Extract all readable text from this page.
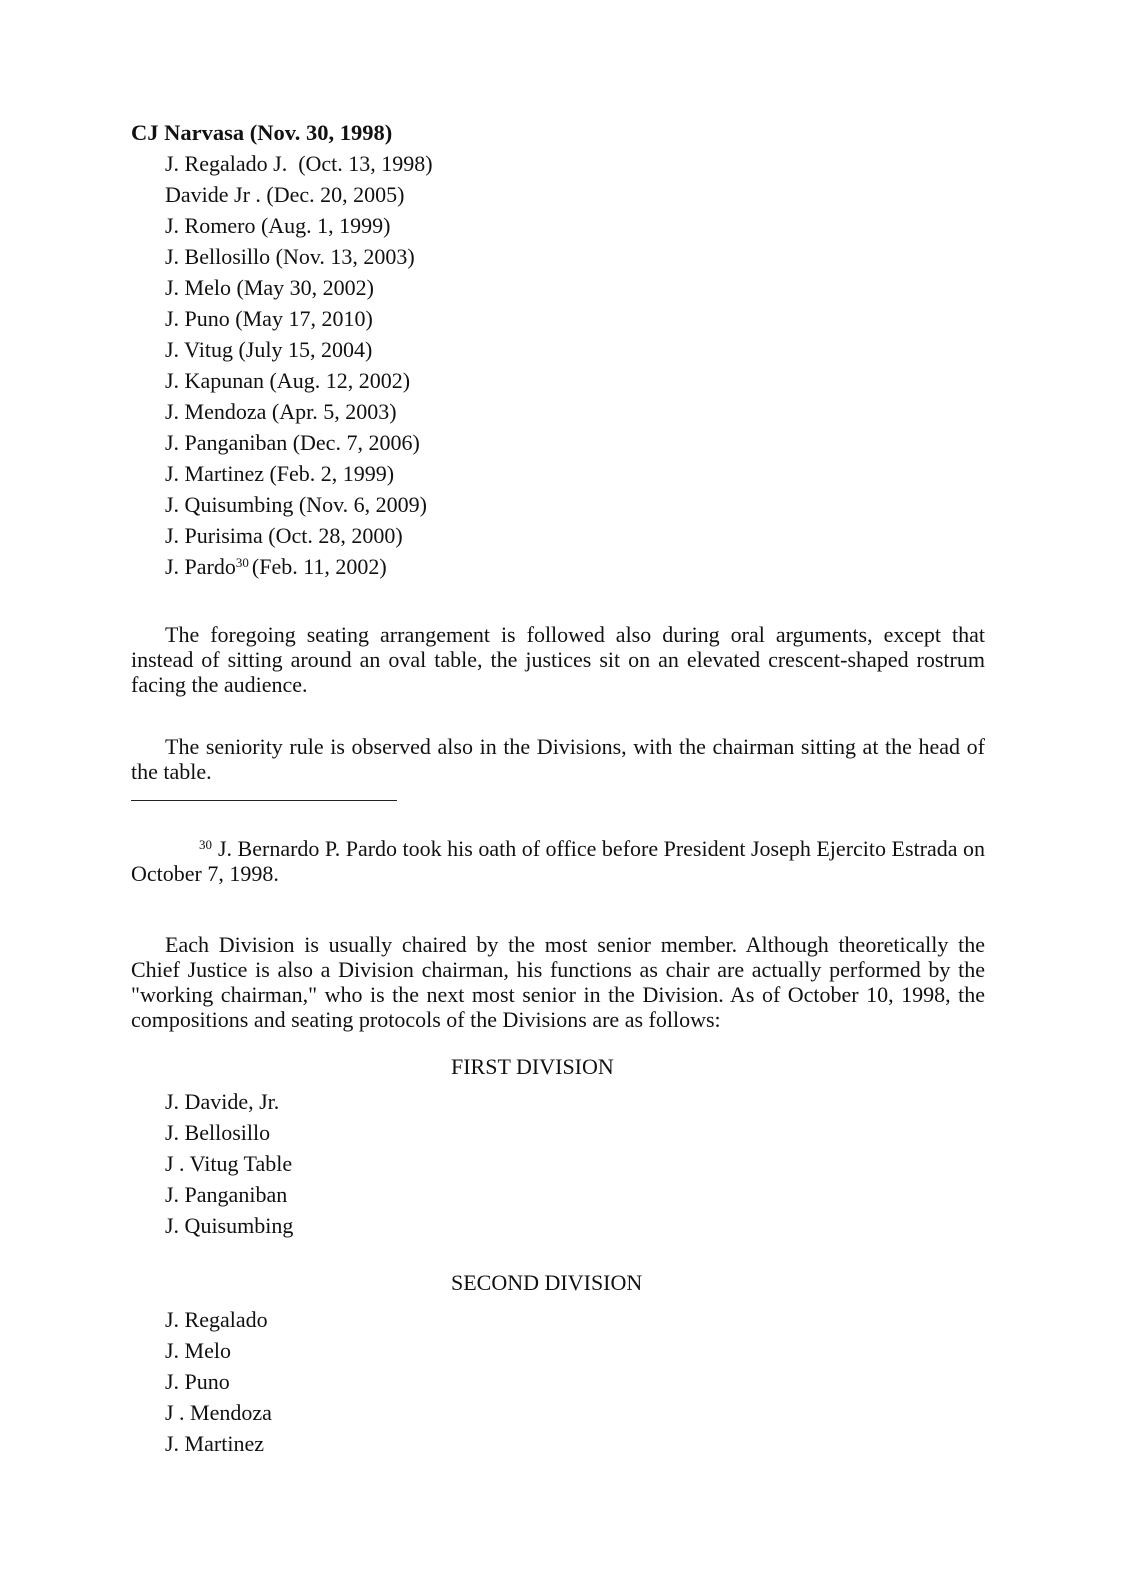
CJ Narvasa (Nov. 30, 1998)

J. Regalado J. (Oct. 13, 1998)
Davide Jr . (Dec. 20, 2005)
J. Romero (Aug. 1, 1999)
J. Bellosillo (Nov. 13, 2003)
J. Melo (May 30, 2002)
J. Puno (May 17, 2010)
J. Vitug (July 15, 2004)
J. Kapunan (Aug. 12, 2002)
J. Mendoza (Apr. 5, 2003)
J. Panganiban (Dec. 7, 2006)
J. Martinez (Feb. 2, 1999)
J. Quisumbing (Nov. 6, 2009)
J. Purisima (Oct. 28, 2000)
J. Pardo$^{30}$ (Feb. 11, 2002)

The foregoing seating arrangement is followed also during oral arguments, except that instead of sitting around an oval table, the justices sit on an elevated crescent-shaped rostrum facing the audience.

The seniority rule is observed also in the Divisions, with the chairman sitting at the head of the table.

$^{30}$ J. Bernardo P. Pardo took his oath of office before President Joseph Ejercito Estrada on October 7, 1998.

Each Division is usually chaired by the most senior member. Although theoretically the Chief Justice is also a Division chairman, his functions as chair are actually performed by the "working chairman," who is the next most senior in the Division. As of October 10, 1998, the compositions and seating protocols of the Divisions are as follows:

FIRST DIVISION

J. Davide, Jr.
J. Bellosillo
J . Vitug Table
J. Panganiban
J. Quisumbing

SECOND DIVISION

J. Regalado
J. Melo
J. Puno
J . Mendoza
J. Martinez
